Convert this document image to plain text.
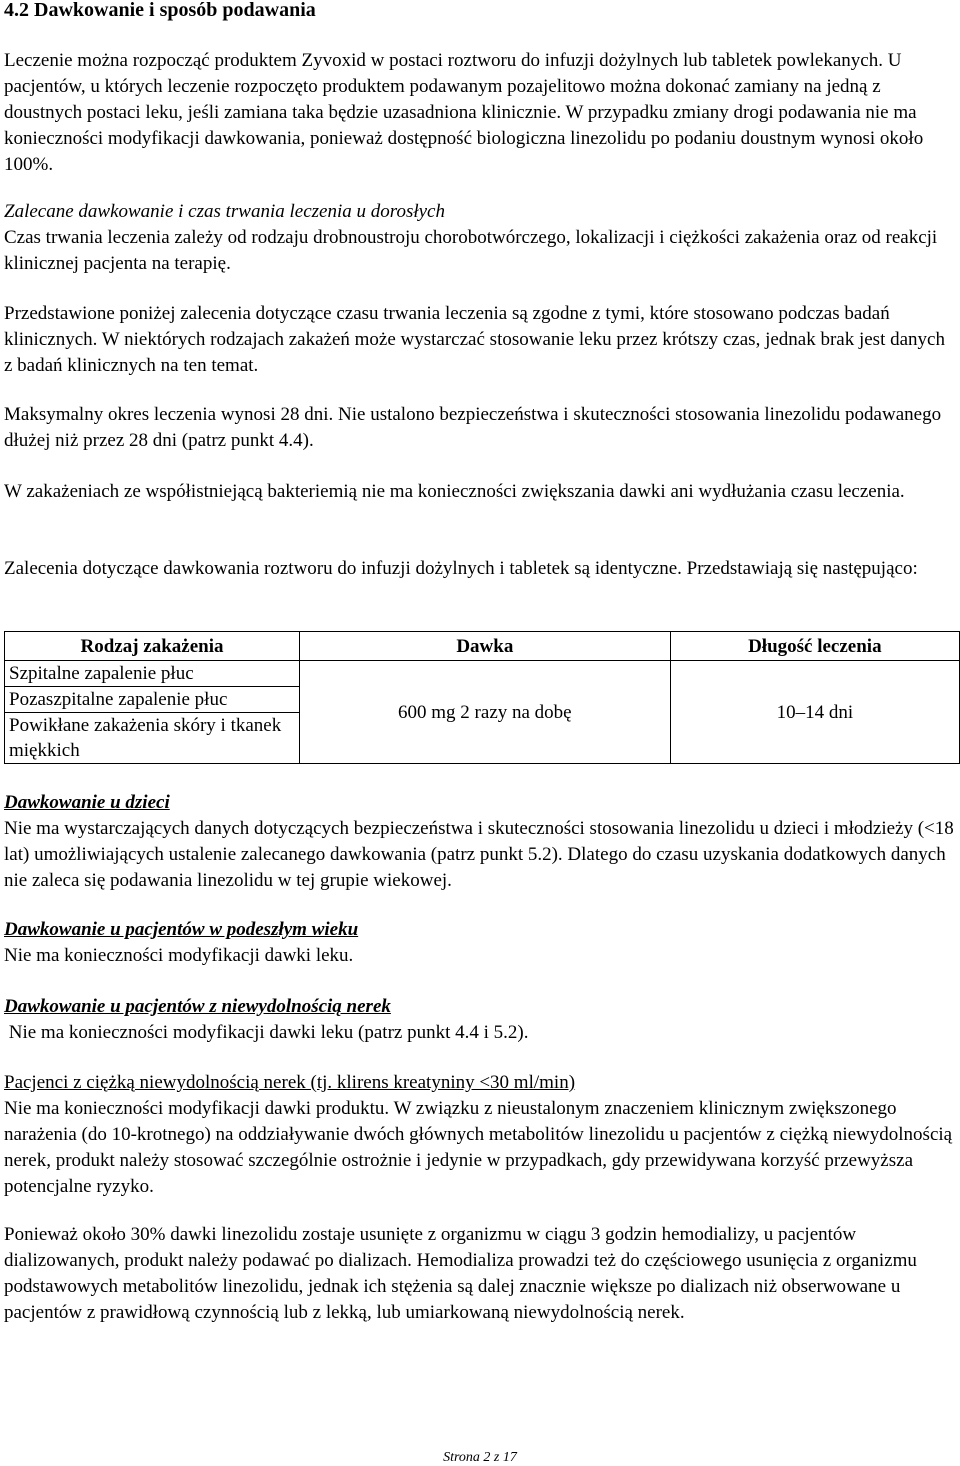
4.2 Dawkowanie i sposób podawania

Leczenie można rozpocząć produktem Zyvoxid w postaci roztworu do infuzji dożylnych lub tabletek powlekanych. U pacjentów, u których leczenie rozpoczęto produktem podawanym pozajelitowo można dokonać zamiany na jedną z doustnych postaci leku, jeśli zamiana taka będzie uzasadniona klinicznie. W przypadku zmiany drogi podawania nie ma konieczności modyfikacji dawkowania, ponieważ dostępność biologiczna linezolidu po podaniu doustnym wynosi około 100%.

Zalecane dawkowanie i czas trwania leczenia u dorosłych

Czas trwania leczenia zależy od rodzaju drobnoustroju chorobotwórczego, lokalizacji i ciężkości zakażenia oraz od reakcji klinicznej pacjenta na terapię.

Przedstawione poniżej zalecenia dotyczące czasu trwania leczenia są zgodne z tymi, które stosowano podczas badań klinicznych. W niektórych rodzajach zakażeń może wystarczać stosowanie leku przez krótszy czas, jednak brak jest danych z badań klinicznych na ten temat.

Maksymalny okres leczenia wynosi 28 dni. Nie ustalono bezpieczeństwa i skuteczności stosowania linezolidu podawanego dłużej niż przez 28 dni (patrz punkt 4.4).

W zakażeniach ze współistniejącą bakteriemią nie ma konieczności zwiększania dawki ani wydłużania czasu leczenia.

Zalecenia dotyczące dawkowania roztworu do infuzji dożylnych i tabletek są identyczne. Przedstawiają się następująco:

Rodzaj zakażenia	Dawka	Długość leczenia
Szpitalne zapalenie płuc	600 mg 2 razy na dobę	10–14 dni
Pozaszpitalne zapalenie płuc		
Powikłane zakażenia skóry i tkanek miękkich		

Dawkowanie u dzieci

Nie ma wystarczających danych dotyczących bezpieczeństwa i skuteczności stosowania linezolidu u dzieci i młodzieży (<18 lat) umożliwiających ustalenie zalecanego dawkowania (patrz punkt 5.2). Dlatego do czasu uzyskania dodatkowych danych nie zaleca się podawania linezolidu w tej grupie wiekowej.

Dawkowanie u pacjentów w podeszłym wieku

Nie ma konieczności modyfikacji dawki leku.

Dawkowanie u pacjentów z niewydolnością nerek

Nie ma konieczności modyfikacji dawki leku (patrz punkt 4.4 i 5.2).

Pacjenci z ciężką niewydolnością nerek (tj. klirens kreatyniny <30 ml/min)

Nie ma konieczności modyfikacji dawki produktu. W związku z nieustalonym znaczeniem klinicznym zwiększonego narażenia (do 10-krotnego) na oddziaływanie dwóch głównych metabolitów linezolidu u pacjentów z ciężką niewydolnością nerek, produkt należy stosować szczególnie ostrożnie i jedynie w przypadkach, gdy przewidywana korzyść przewyższa potencjalne ryzyko.

Ponieważ około 30% dawki linezolidu zostaje usunięte z organizmu w ciągu 3 godzin hemodializy, u pacjentów dializowanych, produkt należy podawać po dializach. Hemodializa prowadzi też do częściowego usunięcia z organizmu podstawowych metabolitów linezolidu, jednak ich stężenia są dalej znacznie większe po dializach niż obserwowane u pacjentów z prawidłową czynnością lub z lekką, lub umiarkowaną niewydolnością nerek.

Strona 2 z 17
